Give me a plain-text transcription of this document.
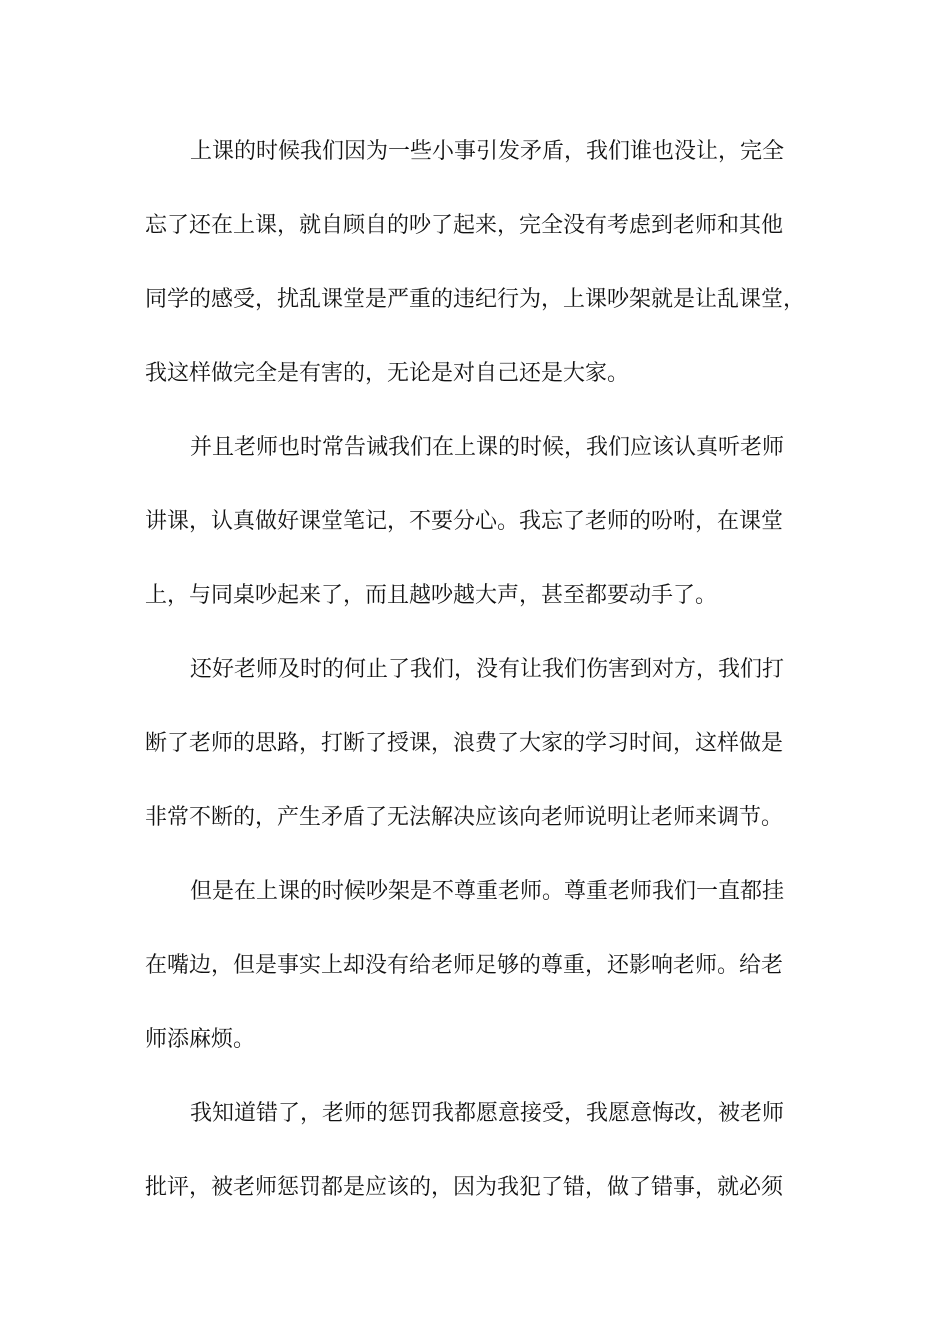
上课的时候我们因为一些小事引发矛盾，我们谁也没让，完全

忘了还在上课，就自顾自的吵了起来，完全没有考虑到老师和其他

同学的感受，扰乱课堂是严重的违纪行为，上课吵架就是让乱课堂，

我这样做完全是有害的，无论是对自己还是大家。

并且老师也时常告诫我们在上课的时候，我们应该认真听老师

讲课，认真做好课堂笔记，不要分心。我忘了老师的吩咐，在课堂

上，与同桌吵起来了，而且越吵越大声，甚至都要动手了。

还好老师及时的何止了我们，没有让我们伤害到对方，我们打

断了老师的思路，打断了授课，浪费了大家的学习时间，这样做是

非常不断的，产生矛盾了无法解决应该向老师说明让老师来调节。

但是在上课的时候吵架是不尊重老师。尊重老师我们一直都挂

在嘴边，但是事实上却没有给老师足够的尊重，还影响老师。给老

师添麻烦。

我知道错了，老师的惩罚我都愿意接受，我愿意悔改，被老师

批评，被老师惩罚都是应该的，因为我犯了错，做了错事，就必须
